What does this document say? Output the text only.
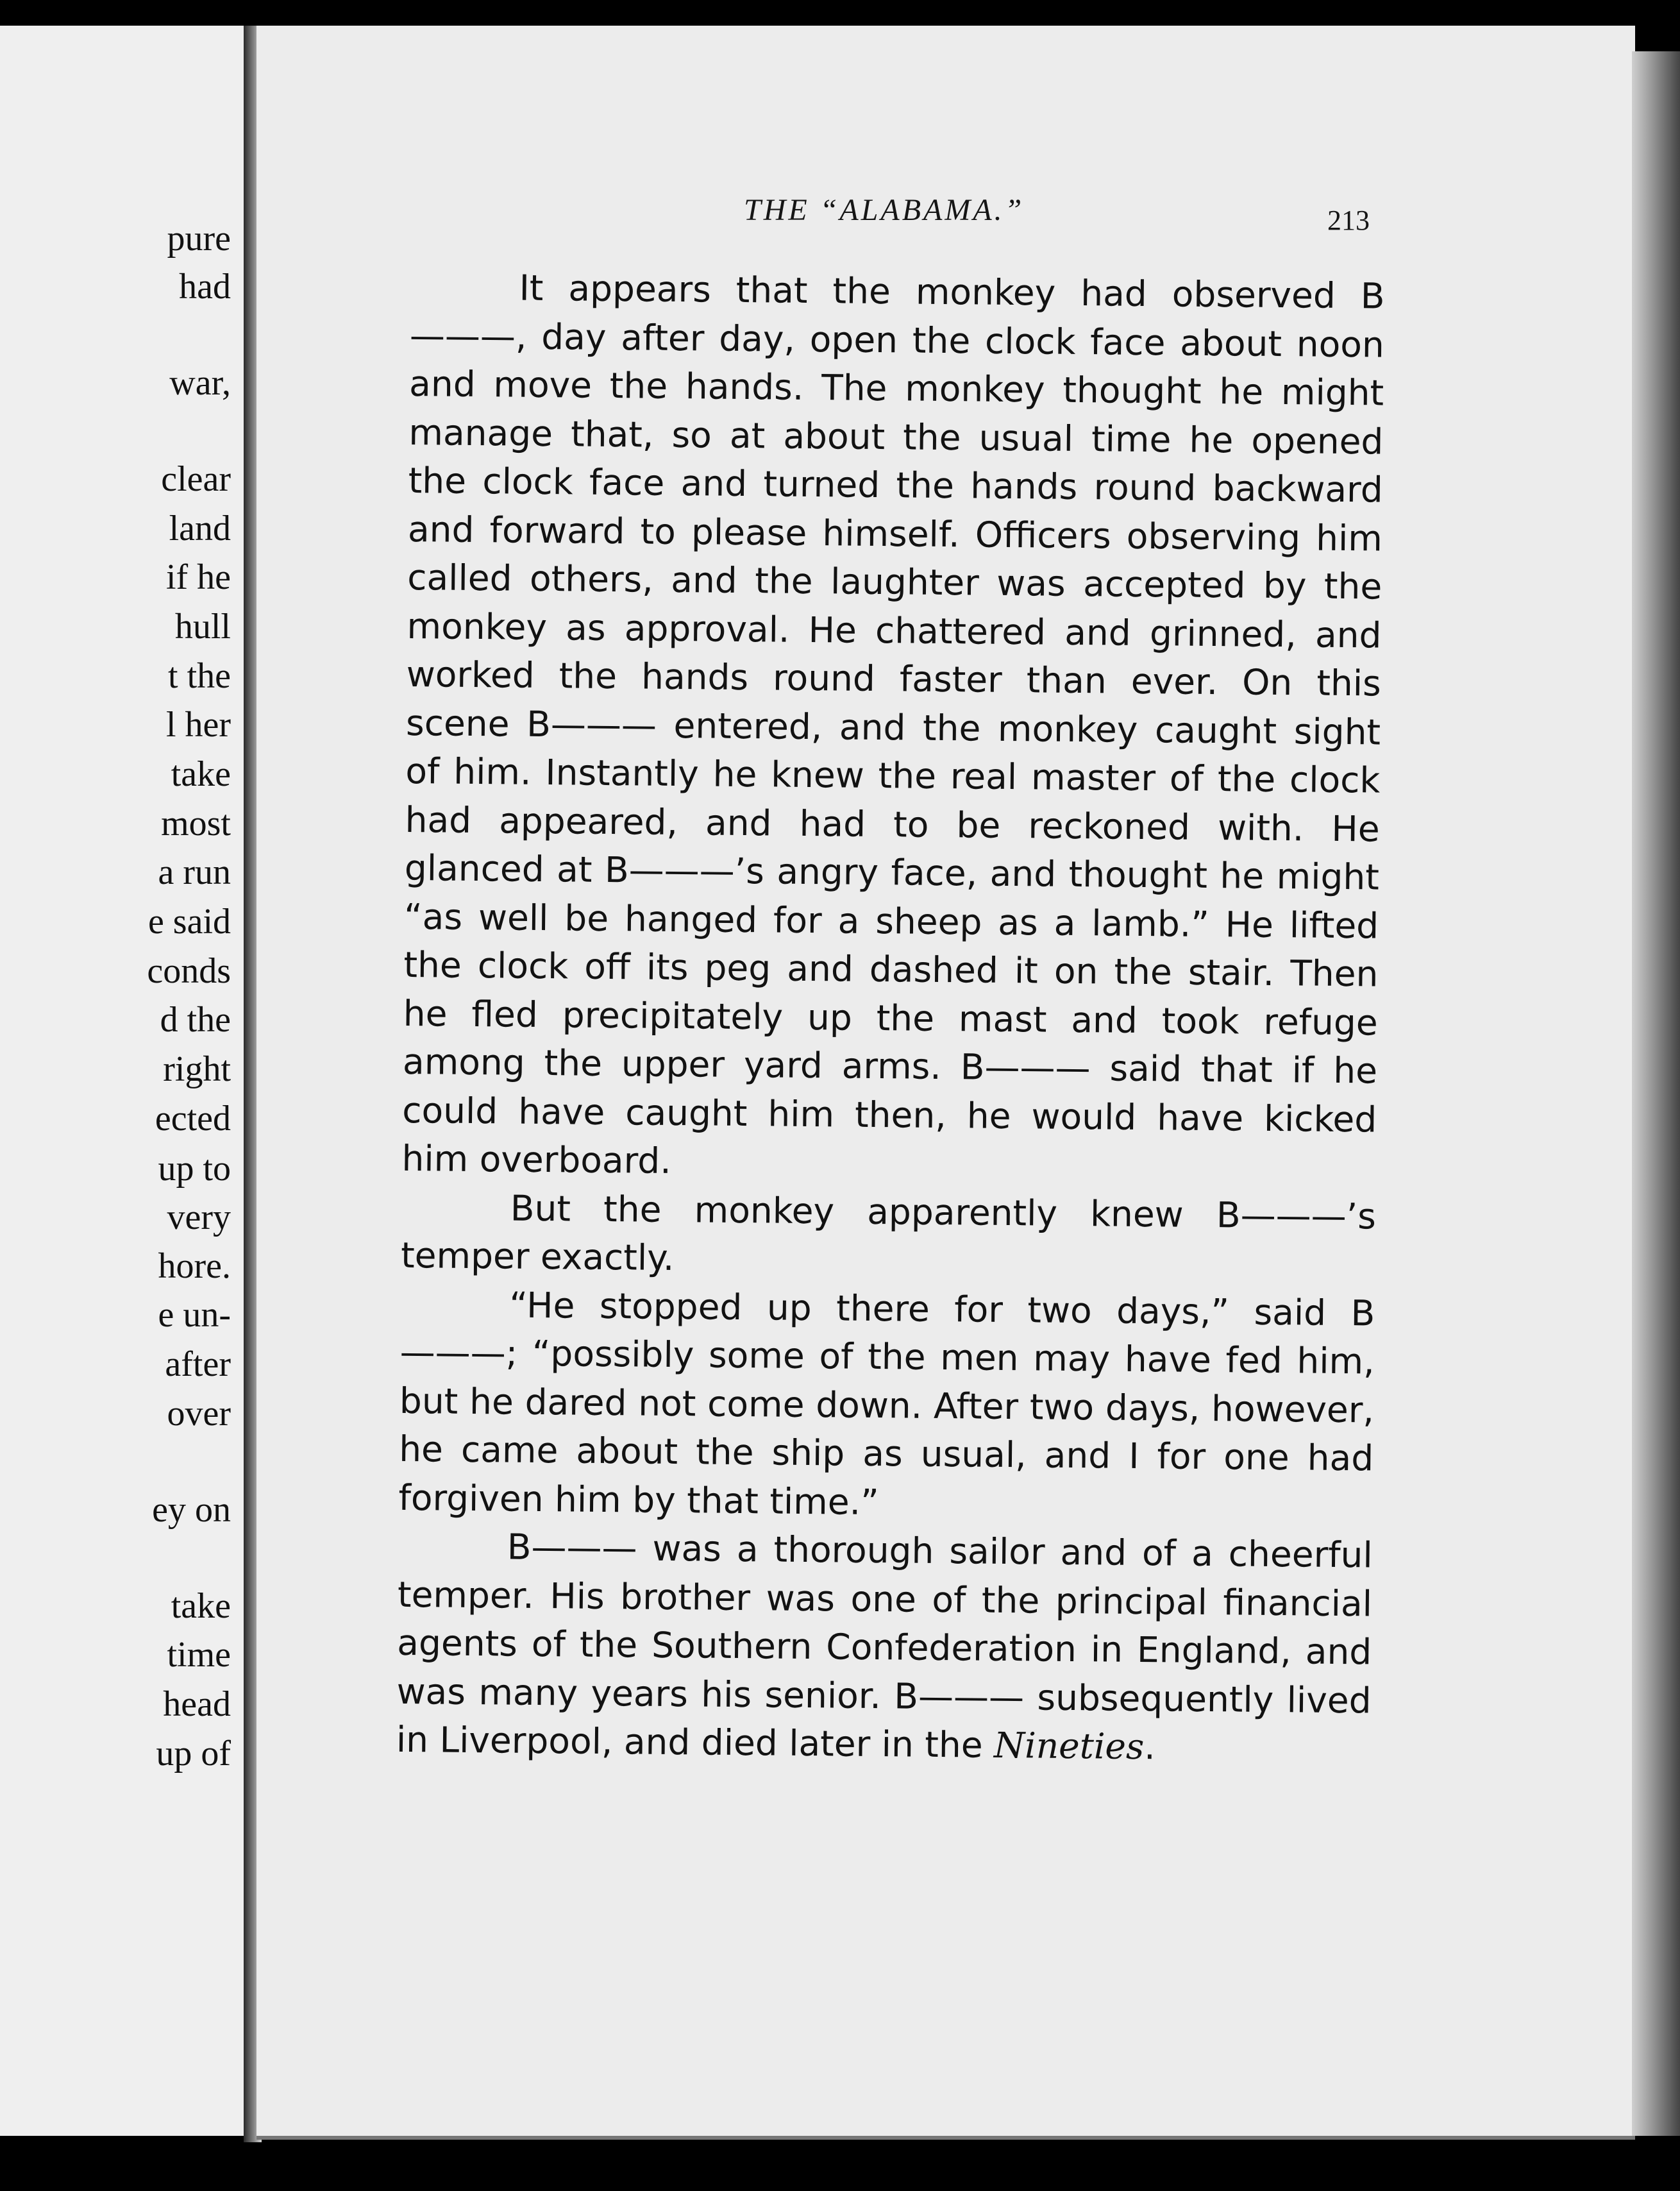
pure
had
war,
clear
land
if he
hull
t the
l her
take
most
a run
e said
conds
d the
right
ected
up to
very
hore.
e un-
after
over
ey on
take
time
head
up of
THE “ALABAMA.”	213

It appears that the monkey had observed B———, day after day, open the clock face about noon and move the hands. The monkey thought he might manage that, so at about the usual time he opened the clock face and turned the hands round backward and forward to please himself. Officers observing him called others, and the laughter was accepted by the monkey as approval. He chattered and grinned, and worked the hands round faster than ever. On this scene B——— entered, and the monkey caught sight of him. Instantly he knew the real master of the clock had appeared, and had to be reckoned with. He glanced at B———’s angry face, and thought he might “as well be hanged for a sheep as a lamb.” He lifted the clock off its peg and dashed it on the stair. Then he fled precipitately up the mast and took refuge among the upper yard arms. B——— said that if he could have caught him then, he would have kicked him overboard.

But the monkey apparently knew B———’s temper exactly.

“He stopped up there for two days,” said B———; “possibly some of the men may have fed him, but he dared not come down. After two days, however, he came about the ship as usual, and I for one had forgiven him by that time.”

B——— was a thorough sailor and of a cheerful temper. His brother was one of the principal financial agents of the Southern Confederation in England, and was many years his senior. B——— subsequently lived in Liverpool, and died later in the Nineties.
